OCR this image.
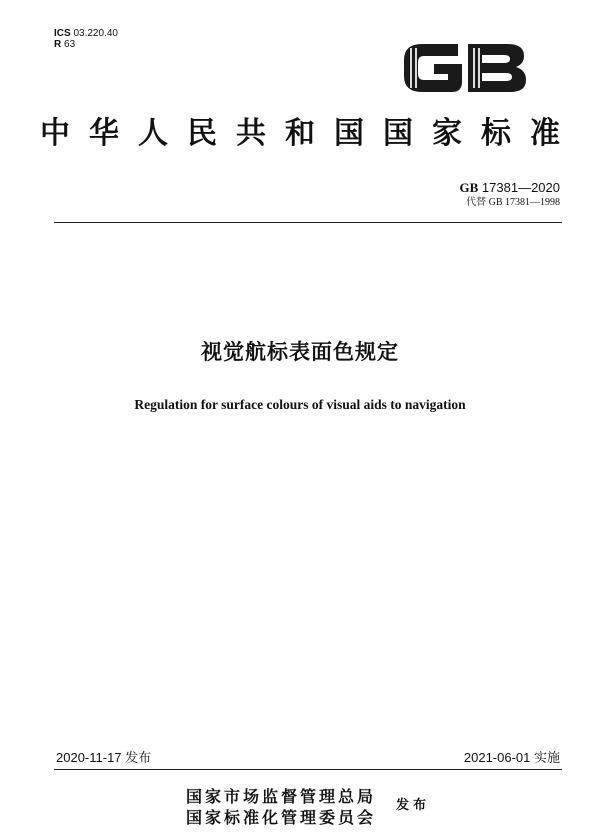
ICS 03.220.40
R 63
中华人民共和国国家标准
GB 17381—2020
代替 GB 17381—1998
视觉航标表面色规定
Regulation for surface colours of visual aids to navigation
2020-11-17 发布	2021-06-01 实施
国家市场监督管理总局
国家标准化管理委员会
发布
